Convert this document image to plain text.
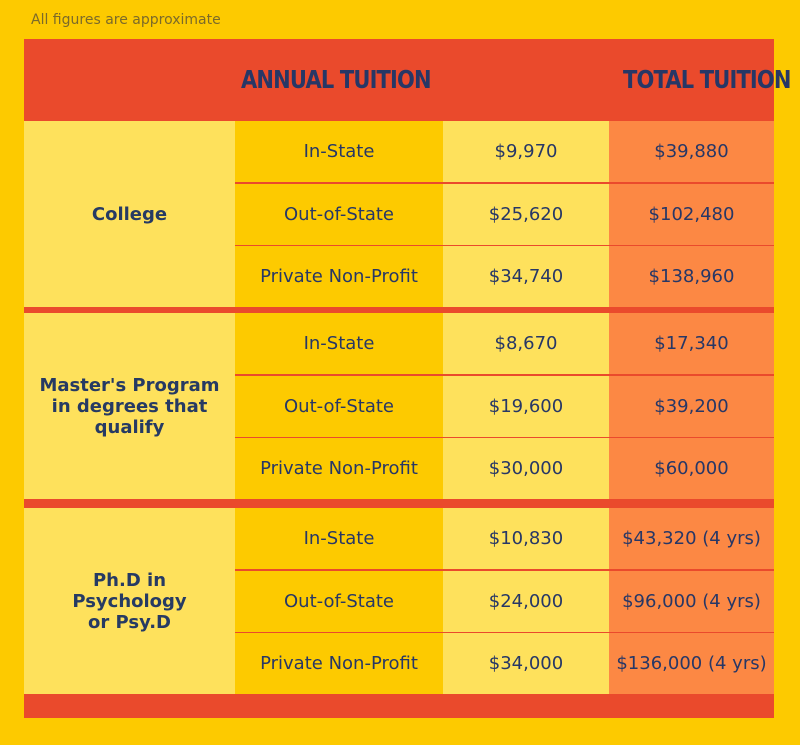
All figures are approximate
ANNUAL TUITION	TOTAL TUITION
College
In-State	$9,970	$39,880
Out-of-State	$25,620	$102,480
Private Non-Profit	$34,740	$138,960
Master's Program
in degrees that
qualify
In-State	$8,670	$17,340
Out-of-State	$19,600	$39,200
Private Non-Profit	$30,000	$60,000
Ph.D in
Psychology
or Psy.D
In-State	$10,830	$43,320 (4 yrs)
Out-of-State	$24,000	$96,000 (4 yrs)
Private Non-Profit	$34,000	$136,000 (4 yrs)
